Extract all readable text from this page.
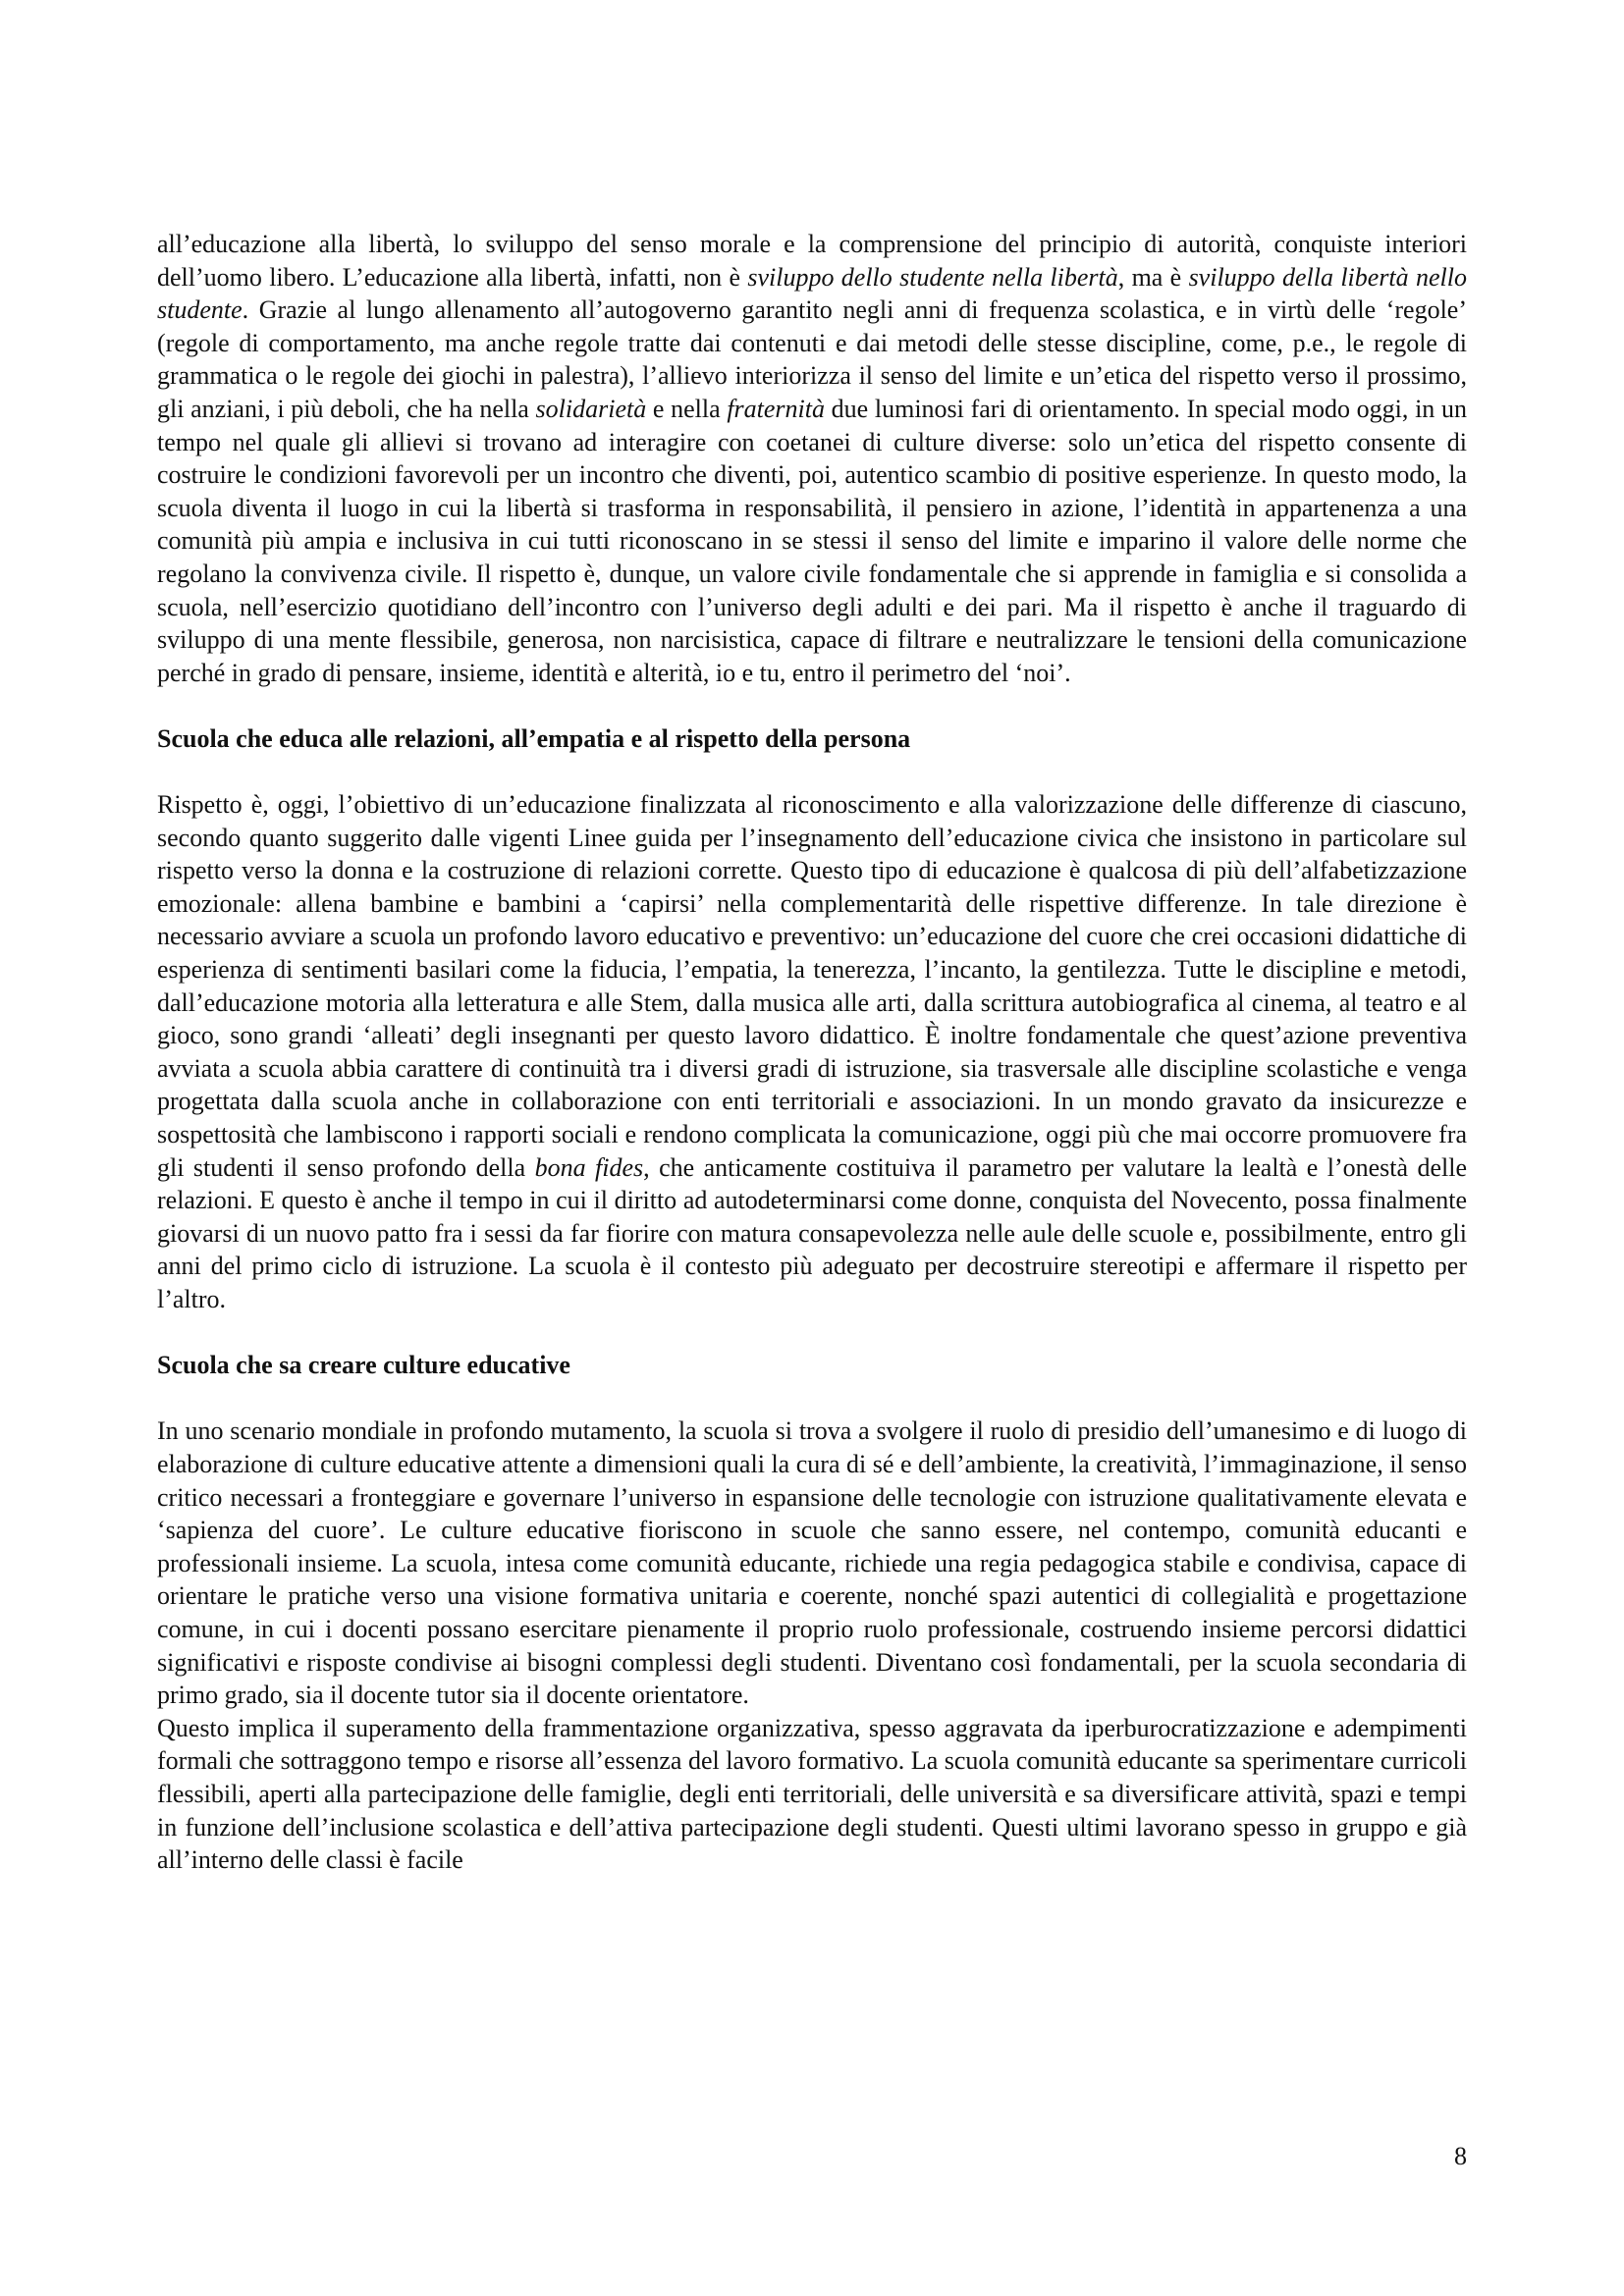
all’educazione alla libertà, lo sviluppo del senso morale e la comprensione del principio di autorità, conquiste interiori dell’uomo libero. L’educazione alla libertà, infatti, non è sviluppo dello studente nella libertà, ma è sviluppo della libertà nello studente. Grazie al lungo allenamento all’autogoverno garantito negli anni di frequenza scolastica, e in virtù delle ‘regole’ (regole di comportamento, ma anche regole tratte dai contenuti e dai metodi delle stesse discipline, come, p.e., le regole di grammatica o le regole dei giochi in palestra), l’allievo interiorizza il senso del limite e un’etica del rispetto verso il prossimo, gli anziani, i più deboli, che ha nella solidarietà e nella fraternità due luminosi fari di orientamento. In special modo oggi, in un tempo nel quale gli allievi si trovano ad interagire con coetanei di culture diverse: solo un’etica del rispetto consente di costruire le condizioni favorevoli per un incontro che diventi, poi, autentico scambio di positive esperienze. In questo modo, la scuola diventa il luogo in cui la libertà si trasforma in responsabilità, il pensiero in azione, l’identità in appartenenza a una comunità più ampia e inclusiva in cui tutti riconoscano in se stessi il senso del limite e imparino il valore delle norme che regolano la convivenza civile. Il rispetto è, dunque, un valore civile fondamentale che si apprende in famiglia e si consolida a scuola, nell’esercizio quotidiano dell’incontro con l’universo degli adulti e dei pari. Ma il rispetto è anche il traguardo di sviluppo di una mente flessibile, generosa, non narcisistica, capace di filtrare e neutralizzare le tensioni della comunicazione perché in grado di pensare, insieme, identità e alterità, io e tu, entro il perimetro del ‘noi’.

Scuola che educa alle relazioni, all’empatia e al rispetto della persona

Rispetto è, oggi, l’obiettivo di un’educazione finalizzata al riconoscimento e alla valorizzazione delle differenze di ciascuno, secondo quanto suggerito dalle vigenti Linee guida per l’insegnamento dell’educazione civica che insistono in particolare sul rispetto verso la donna e la costruzione di relazioni corrette. Questo tipo di educazione è qualcosa di più dell’alfabetizzazione emozionale: allena bambine e bambini a ‘capirsi’ nella complementarità delle rispettive differenze. In tale direzione è necessario avviare a scuola un profondo lavoro educativo e preventivo: un’educazione del cuore che crei occasioni didattiche di esperienza di sentimenti basilari come la fiducia, l’empatia, la tenerezza, l’incanto, la gentilezza. Tutte le discipline e metodi, dall’educazione motoria alla letteratura e alle Stem, dalla musica alle arti, dalla scrittura autobiografica al cinema, al teatro e al gioco, sono grandi ‘alleati’ degli insegnanti per questo lavoro didattico. È inoltre fondamentale che quest’azione preventiva avviata a scuola abbia carattere di continuità tra i diversi gradi di istruzione, sia trasversale alle discipline scolastiche e venga progettata dalla scuola anche in collaborazione con enti territoriali e associazioni. In un mondo gravato da insicurezze e sospettosità che lambiscono i rapporti sociali e rendono complicata la comunicazione, oggi più che mai occorre promuovere fra gli studenti il senso profondo della bona fides, che anticamente costituiva il parametro per valutare la lealtà e l’onestà delle relazioni. E questo è anche il tempo in cui il diritto ad autodeterminarsi come donne, conquista del Novecento, possa finalmente giovarsi di un nuovo patto fra i sessi da far fiorire con matura consapevolezza nelle aule delle scuole e, possibilmente, entro gli anni del primo ciclo di istruzione. La scuola è il contesto più adeguato per decostruire stereotipi e affermare il rispetto per l’altro.

Scuola che sa creare culture educative

In uno scenario mondiale in profondo mutamento, la scuola si trova a svolgere il ruolo di presidio dell’umanesimo e di luogo di elaborazione di culture educative attente a dimensioni quali la cura di sé e dell’ambiente, la creatività, l’immaginazione, il senso critico necessari a fronteggiare e governare l’universo in espansione delle tecnologie con istruzione qualitativamente elevata e ‘sapienza del cuore’. Le culture educative fioriscono in scuole che sanno essere, nel contempo, comunità educanti e professionali insieme. La scuola, intesa come comunità educante, richiede una regia pedagogica stabile e condivisa, capace di orientare le pratiche verso una visione formativa unitaria e coerente, nonché spazi autentici di collegialità e progettazione comune, in cui i docenti possano esercitare pienamente il proprio ruolo professionale, costruendo insieme percorsi didattici significativi e risposte condivise ai bisogni complessi degli studenti. Diventano così fondamentali, per la scuola secondaria di primo grado, sia il docente tutor sia il docente orientatore.

Questo implica il superamento della frammentazione organizzativa, spesso aggravata da iperburocratizzazione e adempimenti formali che sottraggono tempo e risorse all’essenza del lavoro formativo. La scuola comunità educante sa sperimentare curricoli flessibili, aperti alla partecipazione delle famiglie, degli enti territoriali, delle università e sa diversificare attività, spazi e tempi in funzione dell’inclusione scolastica e dell’attiva partecipazione degli studenti. Questi ultimi lavorano spesso in gruppo e già all’interno delle classi è facile

8
